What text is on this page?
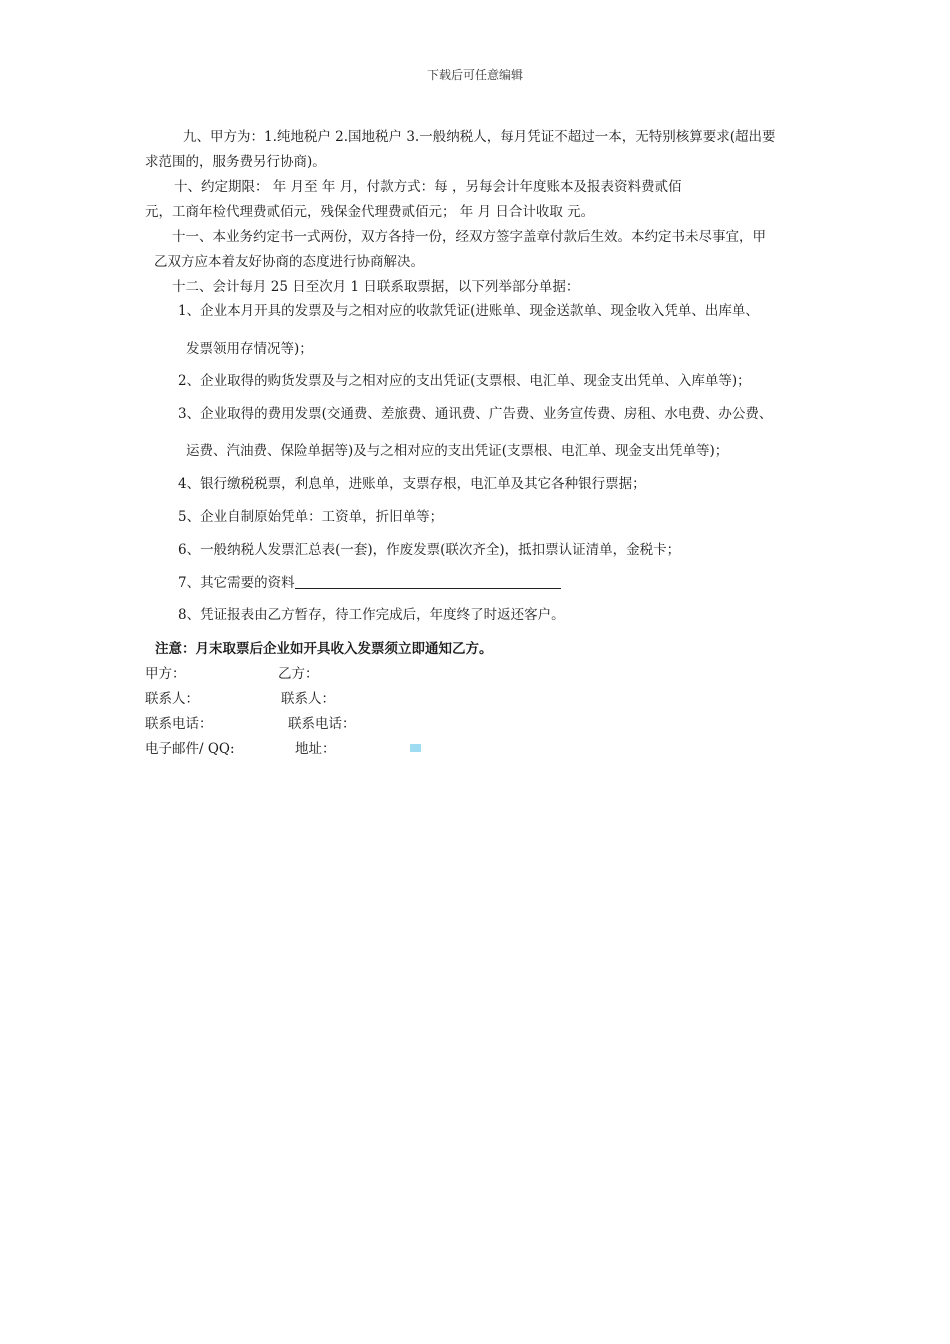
下载后可任意编辑
九、甲方为：1.纯地税户 2.国地税户 3.一般纳税人，每月凭证不超过一本，无特别核算要求(超出要
求范围的，服务费另行协商)。
十、约定期限： 年 月至 年 月，付款方式：每 ，另每会计年度账本及报表资料费贰佰
元，工商年检代理费贰佰元，残保金代理费贰佰元； 年 月 日合计收取 元。
十一、本业务约定书一式两份，双方各持一份，经双方签字盖章付款后生效。本约定书未尽事宜，甲
乙双方应本着友好协商的态度进行协商解决。
十二、会计每月 25 日至次月 1 日联系取票据，以下列举部分单据：
1、企业本月开具的发票及与之相对应的收款凭证(进账单、现金送款单、现金收入凭单、出库单、
发票领用存情况等)；
2、企业取得的购货发票及与之相对应的支出凭证(支票根、电汇单、现金支出凭单、入库单等)；
3、企业取得的费用发票(交通费、差旅费、通讯费、广告费、业务宣传费、房租、水电费、办公费、
运费、汽油费、保险单据等)及与之相对应的支出凭证(支票根、电汇单、现金支出凭单等)；
4、银行缴税税票，利息单，进账单，支票存根，电汇单及其它各种银行票据；
5、企业自制原始凭单：工资单，折旧单等；
6、一般纳税人发票汇总表(一套)，作废发票(联次齐全)，抵扣票认证清单，金税卡；
7、其它需要的资料
8、凭证报表由乙方暂存，待工作完成后，年度终了时返还客户。
注意：月末取票后企业如开具收入发票须立即通知乙方。
甲方：	乙方：
联系人：	联系人：
联系电话：	联系电话：
电子邮件/ QQ:	地址：
